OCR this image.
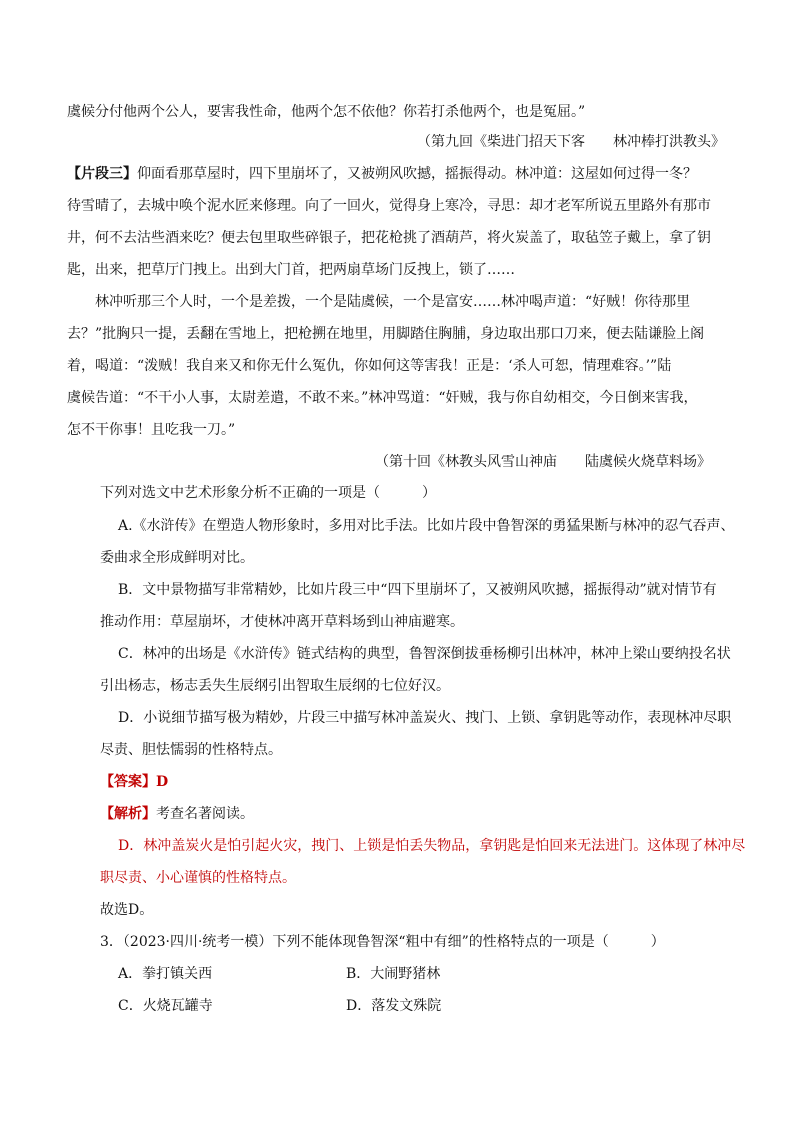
虞候分付他两个公人，要害我性命，他两个怎不依他？你若打杀他两个，也是冤屈。”
（第九回《柴进门招天下客　　林冲棒打洪教头》
【片段三】仰面看那草屋时，四下里崩坏了，又被朔风吹撼，摇振得动。林冲道：这屋如何过得一冬？
待雪晴了，去城中唤个泥水匠来修理。向了一回火，觉得身上寒冷，寻思：却才老军所说五里路外有那市
井，何不去沽些酒来吃？便去包里取些碎银子，把花枪挑了酒葫芦，将火炭盖了，取毡笠子戴上，拿了钥
匙，出来，把草厅门拽上。出到大门首，把两扇草场门反拽上，锁了……
林冲听那三个人时，一个是差拨，一个是陆虞候，一个是富安……林冲喝声道：“好贼！你待那里
去？”批胸只一提，丢翻在雪地上，把枪搠在地里，用脚踏住胸脯，身边取出那口刀来，便去陆谦脸上阁
着，喝道：“泼贼！我自来又和你无什么冤仇，你如何这等害我！正是：‘杀人可恕，情理难容。’”陆
虞候告道：“不干小人事，太尉差遣，不敢不来。”林冲骂道：“奸贼，我与你自幼相交，今日倒来害我，
怎不干你事！且吃我一刀。”
（第十回《林教头风雪山神庙　　陆虞候火烧草料场》
下列对选文中艺术形象分析不正确的一项是（　　　）
A.《水浒传》在塑造人物形象时，多用对比手法。比如片段中鲁智深的勇猛果断与林冲的忍气吞声、
委曲求全形成鲜明对比。
B．文中景物描写非常精妙，比如片段三中“四下里崩坏了，又被朔风吹撼，摇振得动”就对情节有
推动作用：草屋崩坏，才使林冲离开草料场到山神庙避寒。
C．林冲的出场是《水浒传》链式结构的典型，鲁智深倒拔垂杨柳引出林冲，林冲上梁山要纳投名状
引出杨志，杨志丢失生辰纲引出智取生辰纲的七位好汉。
D．小说细节描写极为精妙，片段三中描写林冲盖炭火、拽门、上锁、拿钥匙等动作，表现林冲尽职
尽责、胆怯懦弱的性格特点。
【答案】D
【解析】考查名著阅读。
D．林冲盖炭火是怕引起火灾，拽门、上锁是怕丢失物品，拿钥匙是怕回来无法进门。这体现了林冲尽
职尽责、小心谨慎的性格特点。
故选D。
3．（2023·四川·统考一模）下列不能体现鲁智深“粗中有细”的性格特点的一项是（　　　）
A．拳打镇关西	B．大闹野猪林
C．火烧瓦罐寺	D．落发文殊院
